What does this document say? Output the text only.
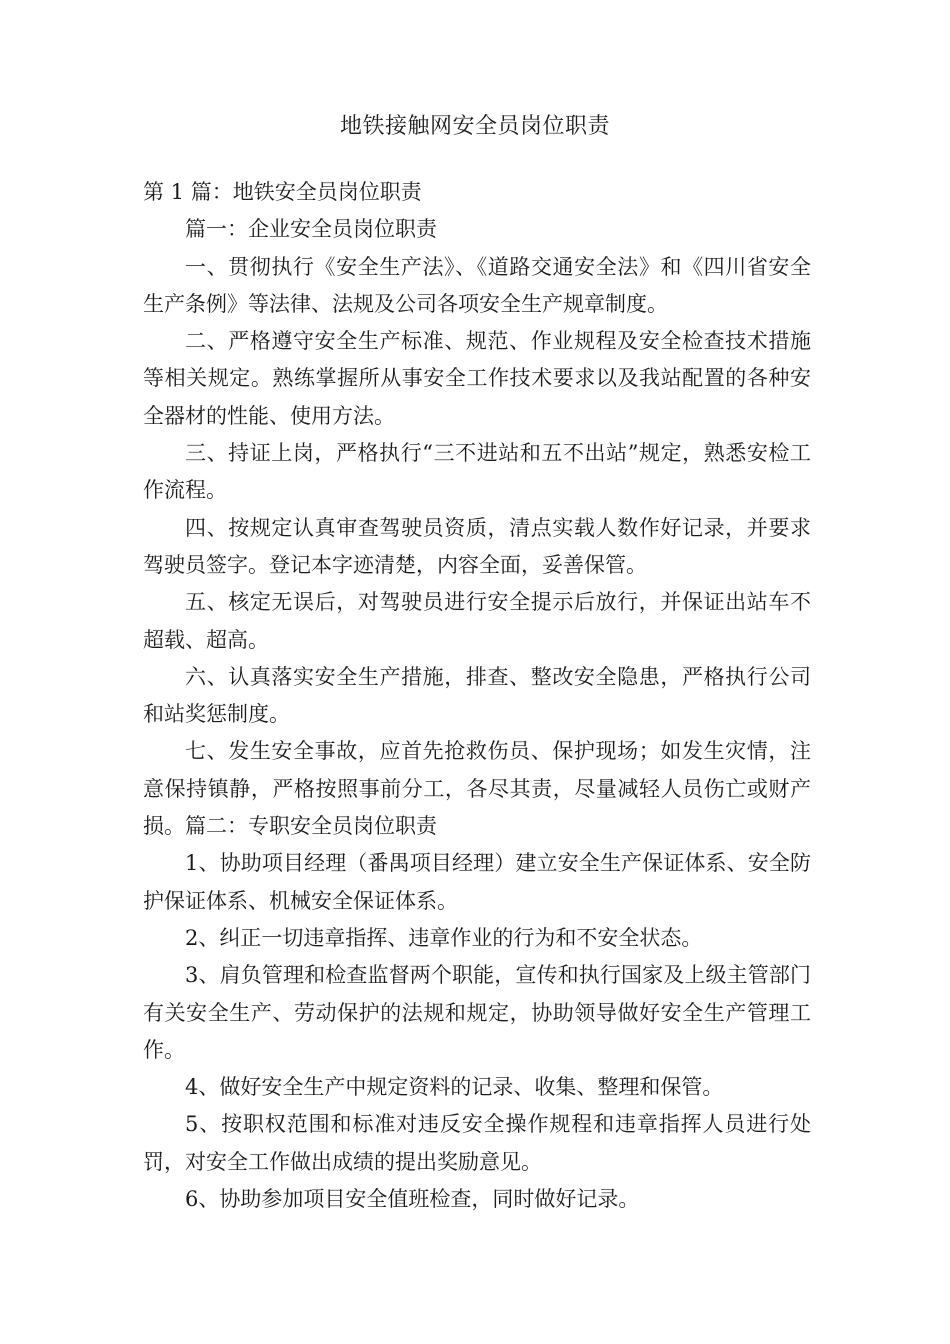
地铁接触网安全员岗位职责

第 1 篇：地铁安全员岗位职责

篇一：企业安全员岗位职责

一、贯彻执行《安全生产法》、《道路交通安全法》和《四川省安全生产条例》等法律、法规及公司各项安全生产规章制度。

二、严格遵守安全生产标准、规范、作业规程及安全检查技术措施等相关规定。熟练掌握所从事安全工作技术要求以及我站配置的各种安全器材的性能、使用方法。

三、持证上岗，严格执行“三不进站和五不出站”规定，熟悉安检工作流程。

四、按规定认真审查驾驶员资质，清点实载人数作好记录，并要求驾驶员签字。登记本字迹清楚，内容全面，妥善保管。

五、核定无误后，对驾驶员进行安全提示后放行，并保证出站车不超载、超高。

六、认真落实安全生产措施，排查、整改安全隐患，严格执行公司和站奖惩制度。

七、发生安全事故，应首先抢救伤员、保护现场；如发生灾情，注意保持镇静，严格按照事前分工，各尽其责，尽量减轻人员伤亡或财产损。篇二：专职安全员岗位职责

1、协助项目经理（番禺项目经理）建立安全生产保证体系、安全防护保证体系、机械安全保证体系。

2、纠正一切违章指挥、违章作业的行为和不安全状态。

3、肩负管理和检查监督两个职能，宣传和执行国家及上级主管部门有关安全生产、劳动保护的法规和规定，协助领导做好安全生产管理工作。

4、做好安全生产中规定资料的记录、收集、整理和保管。

5、按职权范围和标准对违反安全操作规程和违章指挥人员进行处罚，对安全工作做出成绩的提出奖励意见。

6、协助参加项目安全值班检查，同时做好记录。
